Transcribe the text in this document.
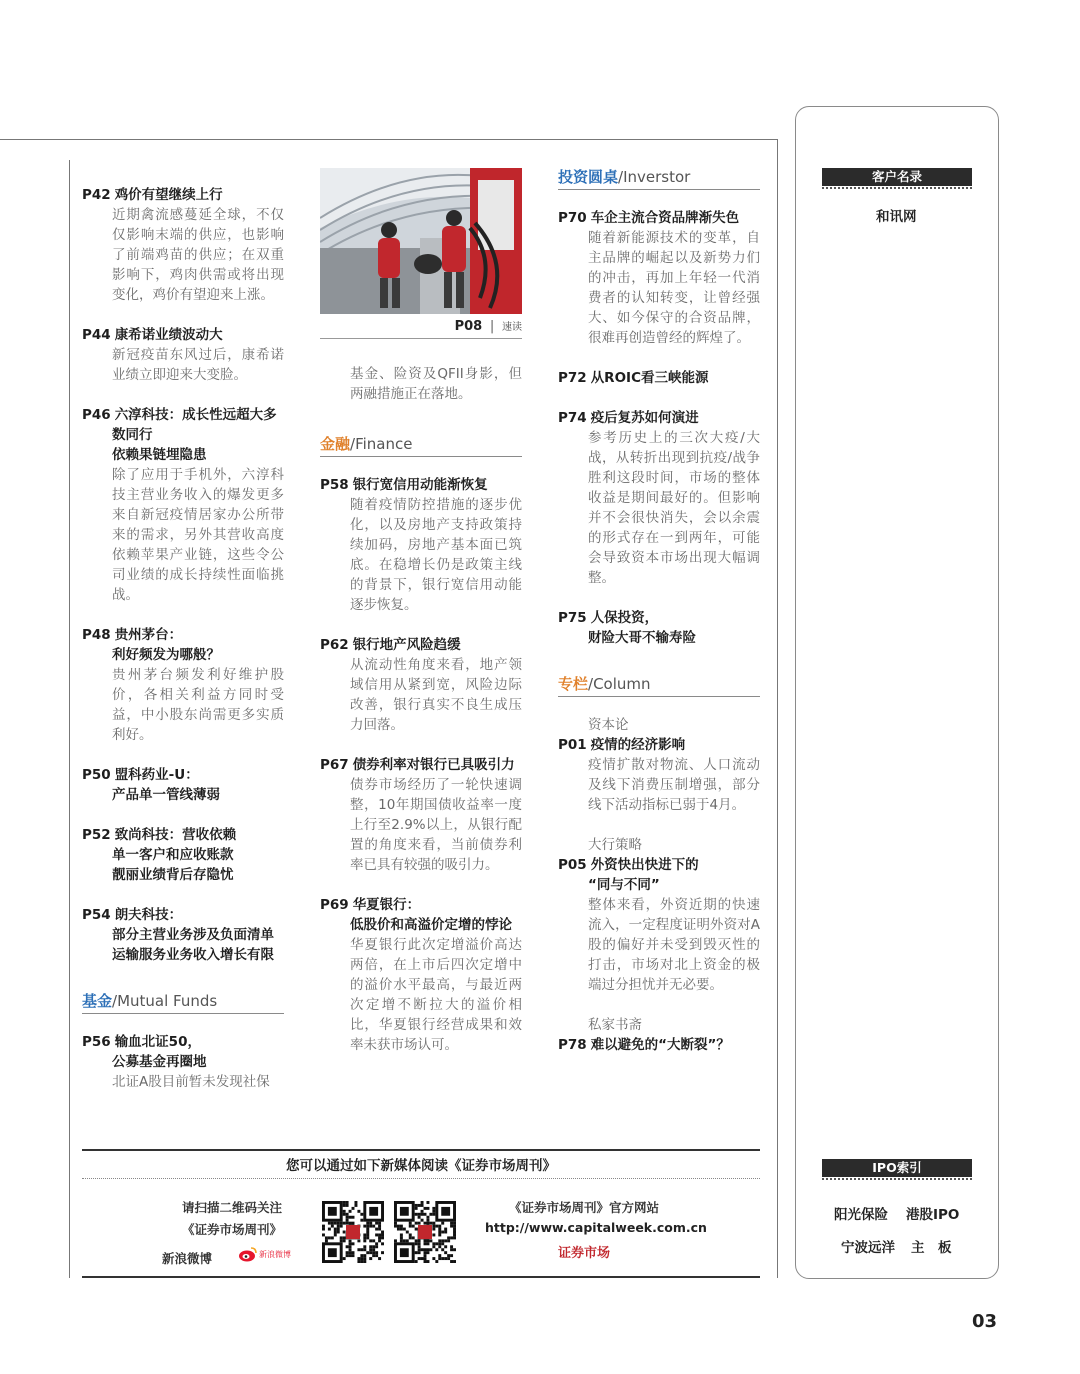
P42 鸡价有望继续上行
近期禽流感蔓延全球，不仅仅影响末端的供应，也影响了前端鸡苗的供应；在双重影响下，鸡肉供需或将出现变化，鸡价有望迎来上涨。
P44 康希诺业绩波动大
新冠疫苗东风过后，康希诺业绩立即迎来大变脸。
P46 六淳科技：成长性远超大多
数同行
依赖果链埋隐患
除了应用于手机外，六淳科技主营业务收入的爆发更多来自新冠疫情居家办公所带来的需求，另外其营收高度依赖苹果产业链，这些令公司业绩的成长持续性面临挑战。
P48 贵州茅台：
利好频发为哪般？
贵州茅台频发利好维护股价，各相关利益方同时受益，中小股东尚需更多实质利好。
P50 盟科药业-U：
产品单一管线薄弱
P52 致尚科技：营收依赖
单一客户和应收账款
靓丽业绩背后存隐忧
P54 朗夫科技：
部分主营业务涉及负面清单
运输服务业务收入增长有限
基金/Mutual Funds
P56 输血北证50，
公募基金再圈地
北证A股目前暂未发现社保
P08 | 速读
基金、险资及QFII身影，但两融措施正在落地。
金融/Finance
P58 银行宽信用动能渐恢复
随着疫情防控措施的逐步优化，以及房地产支持政策持续加码，房地产基本面已筑底。在稳增长仍是政策主线的背景下，银行宽信用动能逐步恢复。
P62 银行地产风险趋缓
从流动性角度来看，地产领域信用从紧到宽，风险边际改善，银行真实不良生成压力回落。
P67 债券利率对银行已具吸引力
债券市场经历了一轮快速调整，10年期国债收益率一度上行至2.9%以上，从银行配置的角度来看，当前债券利率已具有较强的吸引力。
P69 华夏银行：
低股价和高溢价定增的悖论
华夏银行此次定增溢价高达两倍，在上市后四次定增中的溢价水平最高，与最近两次定增不断拉大的溢价相比，华夏银行经营成果和效率未获市场认可。
投资圆桌/Inverstor
P70 车企主流合资品牌渐失色
随着新能源技术的变革，自主品牌的崛起以及新势力们的冲击，再加上年轻一代消费者的认知转变，让曾经强大、如今保守的合资品牌，很难再创造曾经的辉煌了。
P72 从ROIC看三峡能源
P74 疫后复苏如何演进
参考历史上的三次大疫/大战，从转折出现到抗疫/战争胜利这段时间，市场的整体收益是期间最好的。但影响并不会很快消失，会以余震的形式存在一到两年，可能会导致资本市场出现大幅调整。
P75 人保投资，
财险大哥不输寿险
专栏/Column
资本论
P01 疫情的经济影响
疫情扩散对物流、人口流动及线下消费压制增强，部分线下活动指标已弱于4月。
大行策略
P05 外资快出快进下的
“同与不同”
整体来看，外资近期的快速流入，一定程度证明外资对A股的偏好并未受到毁灭性的打击，市场对北上资金的极端过分担忧并无必要。
私家书斋
P78 难以避免的“大断裂”？
客户名录
和讯网
IPO索引
阳光保险 港股IPO
宁波远洋 主　板
您可以通过如下新媒体阅读《证券市场周刊》
请扫描二维码关注
《证券市场周刊》
新浪微博	新浪微博
《证券市场周刊》官方网站
http://www.capitalweek.com.cn
证券市场
03
